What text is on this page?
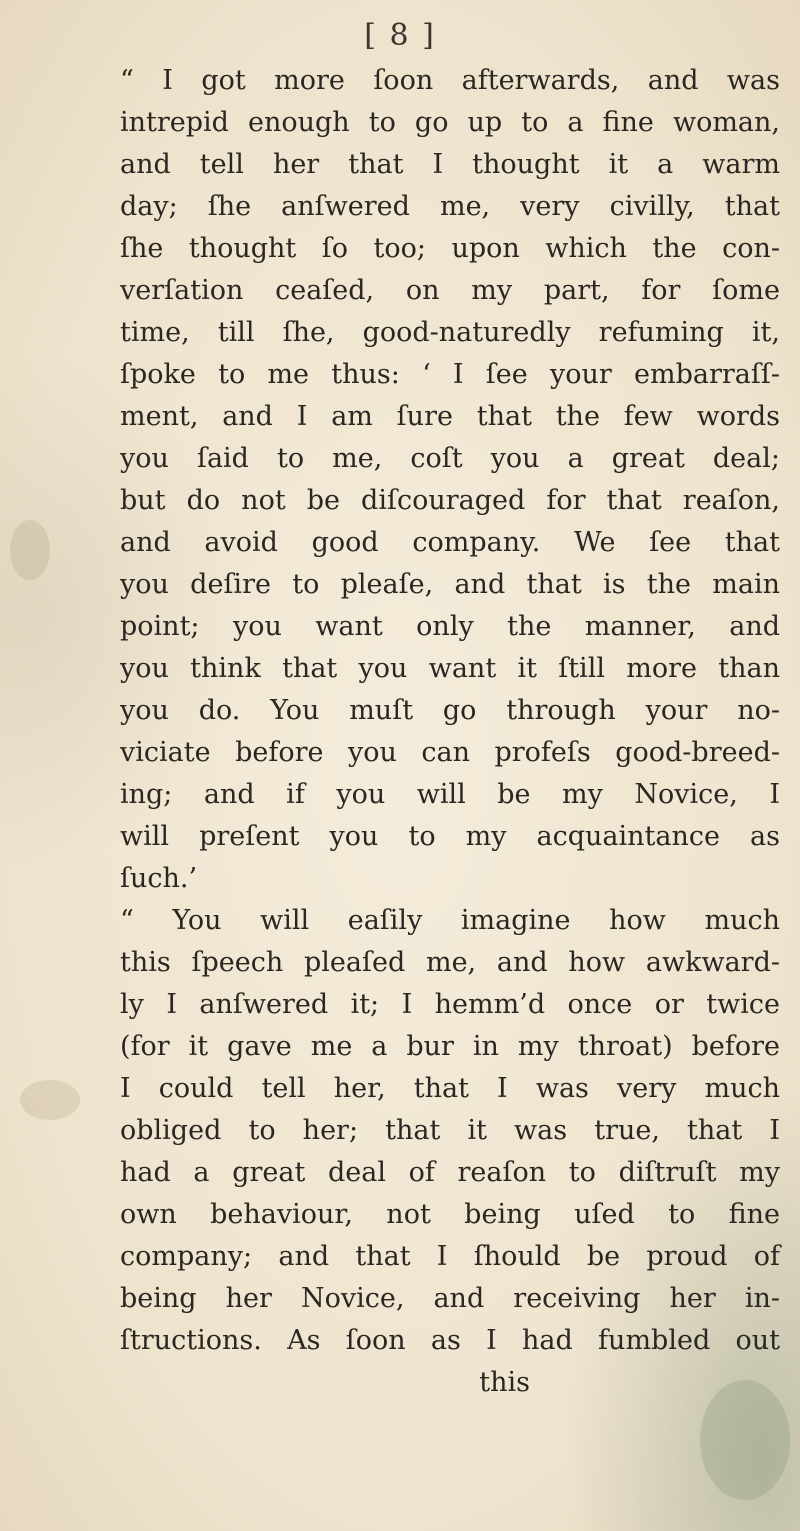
[ 8 ]
“ I got more ſoon afterwards, and was
intrepid enough to go up to a fine woman,
and tell her that I thought it a warm
day; ſhe anſwered me, very civilly, that
ſhe thought ſo too; upon which the con-
verſation ceaſed, on my part, for ſome
time, till ſhe, good-naturedly refuming it,
ſpoke to me thus: ‘ I ſee your embarraſſ-
ment, and I am ſure that the few words
you ſaid to me, coſt you a great deal;
but do not be diſcouraged for that reaſon,
and avoid good company. We ſee that
you deſire to pleaſe, and that is the main
point; you want only the manner, and
you think that you want it ſtill more than
you do. You muſt go through your no-
viciate before you can profeſs good-breed-
ing; and if you will be my Novice, I
will preſent you to my acquaintance as
ſuch.’
“ You will eaſily imagine how much
this ſpeech pleaſed me, and how awkward-
ly I anſwered it; I hemm’d once or twice
(for it gave me a bur in my throat) before
I could tell her, that I was very much
obliged to her; that it was true, that I
had a great deal of reaſon to diſtruſt my
own behaviour, not being uſed to fine
company; and that I ſhould be proud of
being her Novice, and receiving her in-
ſtructions. As ſoon as I had fumbled out
this
